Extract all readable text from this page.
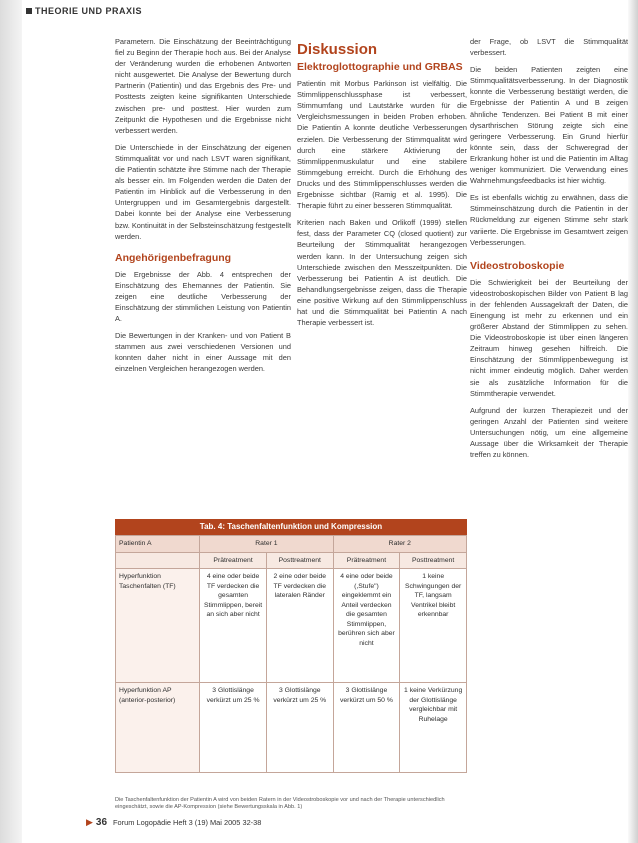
THEORIE UND PRAXIS

Parametern. Die Einschätzung der Beeinträchtigung fiel zu Beginn der Therapie hoch aus. Bei der Analyse der Veränderung wurden die erhobenen Antworten nicht ausgewertet. Die Analyse der Bewertung durch Partnerin (Patientin) und das Ergebnis des Pre- und Posttests zeigten keine signifikanten Unterschiede zwischen pre- und posttest. Hier wurden zum Zeitpunkt die Hypothesen und die Ergebnisse nicht verbessert werden.

Die Unterschiede in der Einschätzung der eigenen Stimmqualität vor und nach LSVT waren signifikant, die Patientin schätzte ihre Stimme nach der Therapie als besser ein. Im Folgenden werden die Daten der Patientin im Hinblick auf die Verbesserung in den Untergruppen und im Gesamtergebnis dargestellt. Dabei konnte bei der Analyse eine Verbesserung bzw. Kontinuität in der Selbsteinschätzung festgestellt werden.

Angehörigenbefragung

Die Ergebnisse der Abb. 4 entsprechen der Einschätzung des Ehemannes der Patientin. Sie zeigen eine deutliche Verbesserung der Einschätzung der stimmlichen Leistung von Patientin A.

Die Bewertungen in der Kranken- und von Patient B stammen aus zwei verschiedenen Versionen und konnten daher nicht in einer Aussage mit den einzelnen Vergleichen herangezogen werden.

Diskussion
Elektroglottographie und GRBAS

Patientin mit Morbus Parkinson ist vielfältig. Die Stimmlippenschlussphase ist verbessert, Stimmumfang und Lautstärke wurden für die Vergleichsmessungen in beiden Proben erhoben. Die Patientin A konnte deutliche Verbesserungen erzielen. Die Verbesserung der Stimmqualität wird durch eine stärkere Aktivierung der Stimmlippenmuskulatur und eine stabilere Stimmgebung erreicht. Durch die Erhöhung des Drucks und des Stimmlippenschlusses werden die Ergebnisse sichtbar (Ramig et al. 1995). Die Therapie führt zu einer besseren Stimmqualität.

Kriterien nach Baken und Orlikoff (1999) stellen fest, dass der Parameter CQ (closed quotient) zur Beurteilung der Stimmqualität herangezogen werden kann. In der Untersuchung zeigen sich Unterschiede zwischen den Messzeitpunkten. Die Verbesserung bei Patientin A ist deutlich. Die Behandlungsergebnisse zeigen, dass die Therapie eine positive Wirkung auf den Stimmlippenschluss hat und die Stimmqualität bei Patientin A nach Therapie verbessert ist.

der Frage, ob LSVT die Stimmqualität verbessert.

Die beiden Patienten zeigten eine Stimmqualitätsverbesserung. In der Diagnostik konnte die Verbesserung bestätigt werden, die Ergebnisse der Patientin A und B zeigen ähnliche Tendenzen. Bei Patient B mit einer dysarthrischen Störung zeigte sich eine geringere Verbesserung. Ein Grund hierfür könnte sein, dass der Schweregrad der Erkrankung höher ist und die Patientin im Alltag weniger kommuniziert. Die Verwendung eines Wahrnehmungsfeedbacks ist hier wichtig.

Es ist ebenfalls wichtig zu erwähnen, dass die Stimmeinschätzung durch die Patientin in der Rückmeldung zur eigenen Stimme sehr stark variierte. Die Ergebnisse im Gesamtwert zeigen Verbesserungen.

Videostroboskopie

Die Schwierigkeit bei der Beurteilung der videostroboskopischen Bilder von Patient B lag in der fehlenden Aussagekraft der Daten, die Einengung ist mehr zu erkennen und ein größerer Abstand der Stimmlippen zu sehen. Die Videostroboskopie ist über einen längeren Zeitraum hinweg gesehen hilfreich. Die Einschätzung der Stimmlippenbewegung ist nicht immer eindeutig möglich. Daher werden sie als zusätzliche Information für die Stimmtherapie verwendet.

Aufgrund der kurzen Therapiezeit und der geringen Anzahl der Patienten sind weitere Untersuchungen nötig, um eine allgemeine Aussage über die Wirksamkeit der Therapie treffen zu können.

Tab. 4: Taschenfaltenfunktion und Kompression
Patientin A	Rater 1		Rater 2	
	Prätreatment	Posttreatment	Prätreatment	Posttreatment
Hyperfunktion Taschenfalten (TF)	4 eine oder beide TF verdecken die gesamten Stimmlippen, bereit an sich aber nicht	2 eine oder beide TF verdecken die lateralen Ränder	4 eine oder beide (,Stufe") eingeklemmt ein Anteil verdecken die gesamten Stimmlippen, berühren sich aber nicht	1 keine Schwingungen der TF, langsam Ventrikel bleibt erkennbar
Hyperfunktion AP (anterior-posterior)	3 Glottislänge verkürzt um 25 %	3 Glottislänge verkürzt um 25 %	3 Glottislänge verkürzt um 50 %	1 keine Verkürzung der Glottislänge vergleichbar mit Ruhelage
Die Taschenfaltenfunktion der Patientin A wird von beiden Ratern in der Videostroboskopie vor und nach der Therapie unterschiedlich eingeschätzt, sowie die AP-Kompression (siehe Bewertungsskala in Abb. 1)
▶ 36 Forum Logopädie Heft 3 (19) Mai 2005 32-38
